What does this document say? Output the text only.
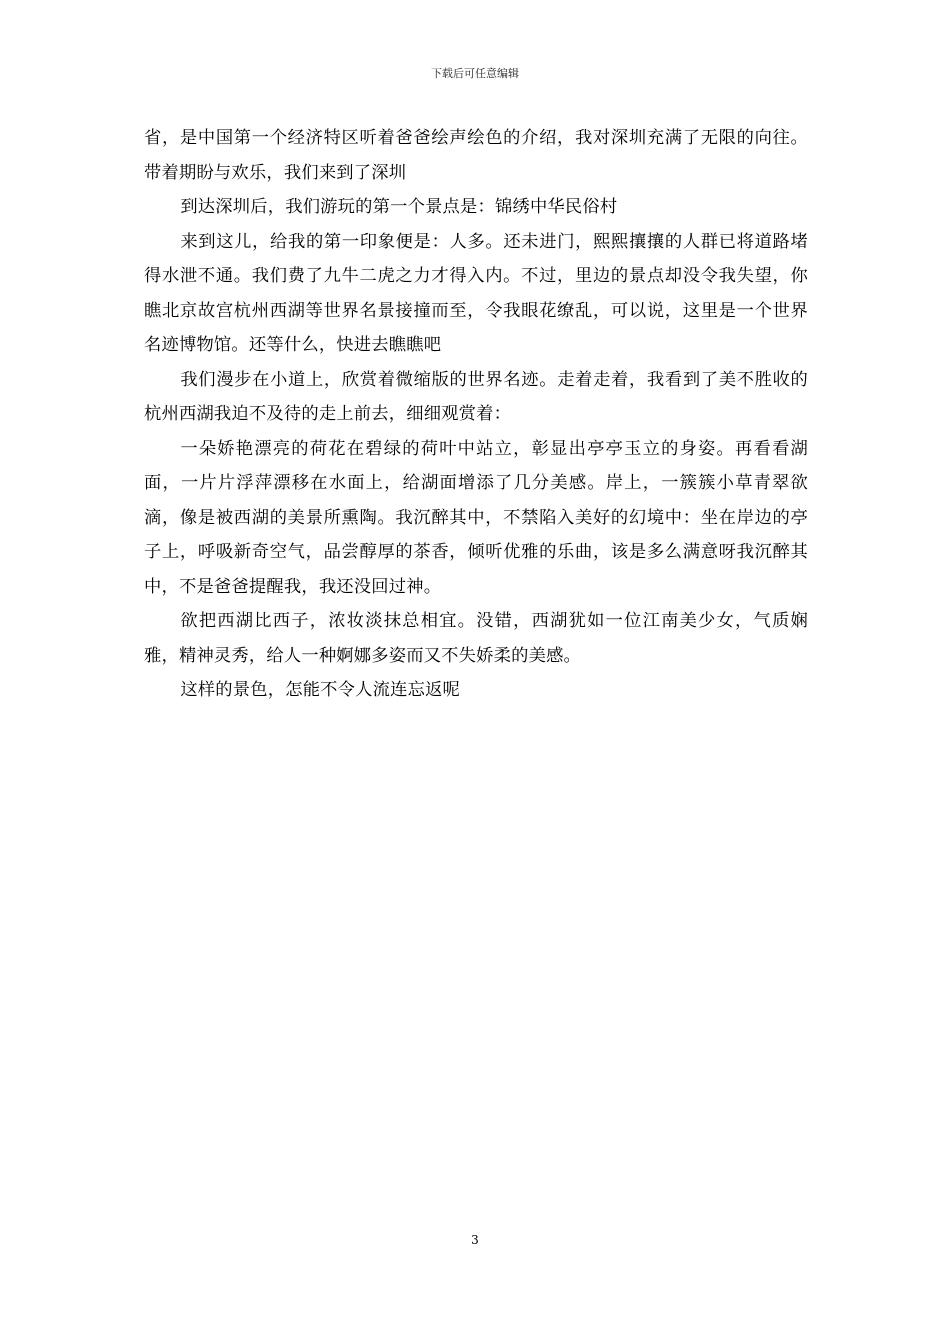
下载后可任意编辑

省，是中国第一个经济特区听着爸爸绘声绘色的介绍，我对深圳充满了无限的向往。带着期盼与欢乐，我们来到了深圳

到达深圳后，我们游玩的第一个景点是：锦绣中华民俗村

来到这儿，给我的第一印象便是：人多。还未进门，熙熙攘攘的人群已将道路堵得水泄不通。我们费了九牛二虎之力才得入内。不过，里边的景点却没令我失望，你瞧北京故宫杭州西湖等世界名景接撞而至，令我眼花缭乱，可以说，这里是一个世界名迹博物馆。还等什么，快进去瞧瞧吧

我们漫步在小道上，欣赏着微缩版的世界名迹。走着走着，我看到了美不胜收的杭州西湖我迫不及待的走上前去，细细观赏着：

一朵娇艳漂亮的荷花在碧绿的荷叶中站立，彰显出亭亭玉立的身姿。再看看湖面，一片片浮萍漂移在水面上，给湖面增添了几分美感。岸上，一簇簇小草青翠欲滴，像是被西湖的美景所熏陶。我沉醉其中，不禁陷入美好的幻境中：坐在岸边的亭子上，呼吸新奇空气，品尝醇厚的茶香，倾听优雅的乐曲，该是多么满意呀我沉醉其中，不是爸爸提醒我，我还没回过神。

欲把西湖比西子，浓妆淡抹总相宜。没错，西湖犹如一位江南美少女，气质娴雅，精神灵秀，给人一种婀娜多姿而又不失娇柔的美感。

这样的景色，怎能不令人流连忘返呢

3
